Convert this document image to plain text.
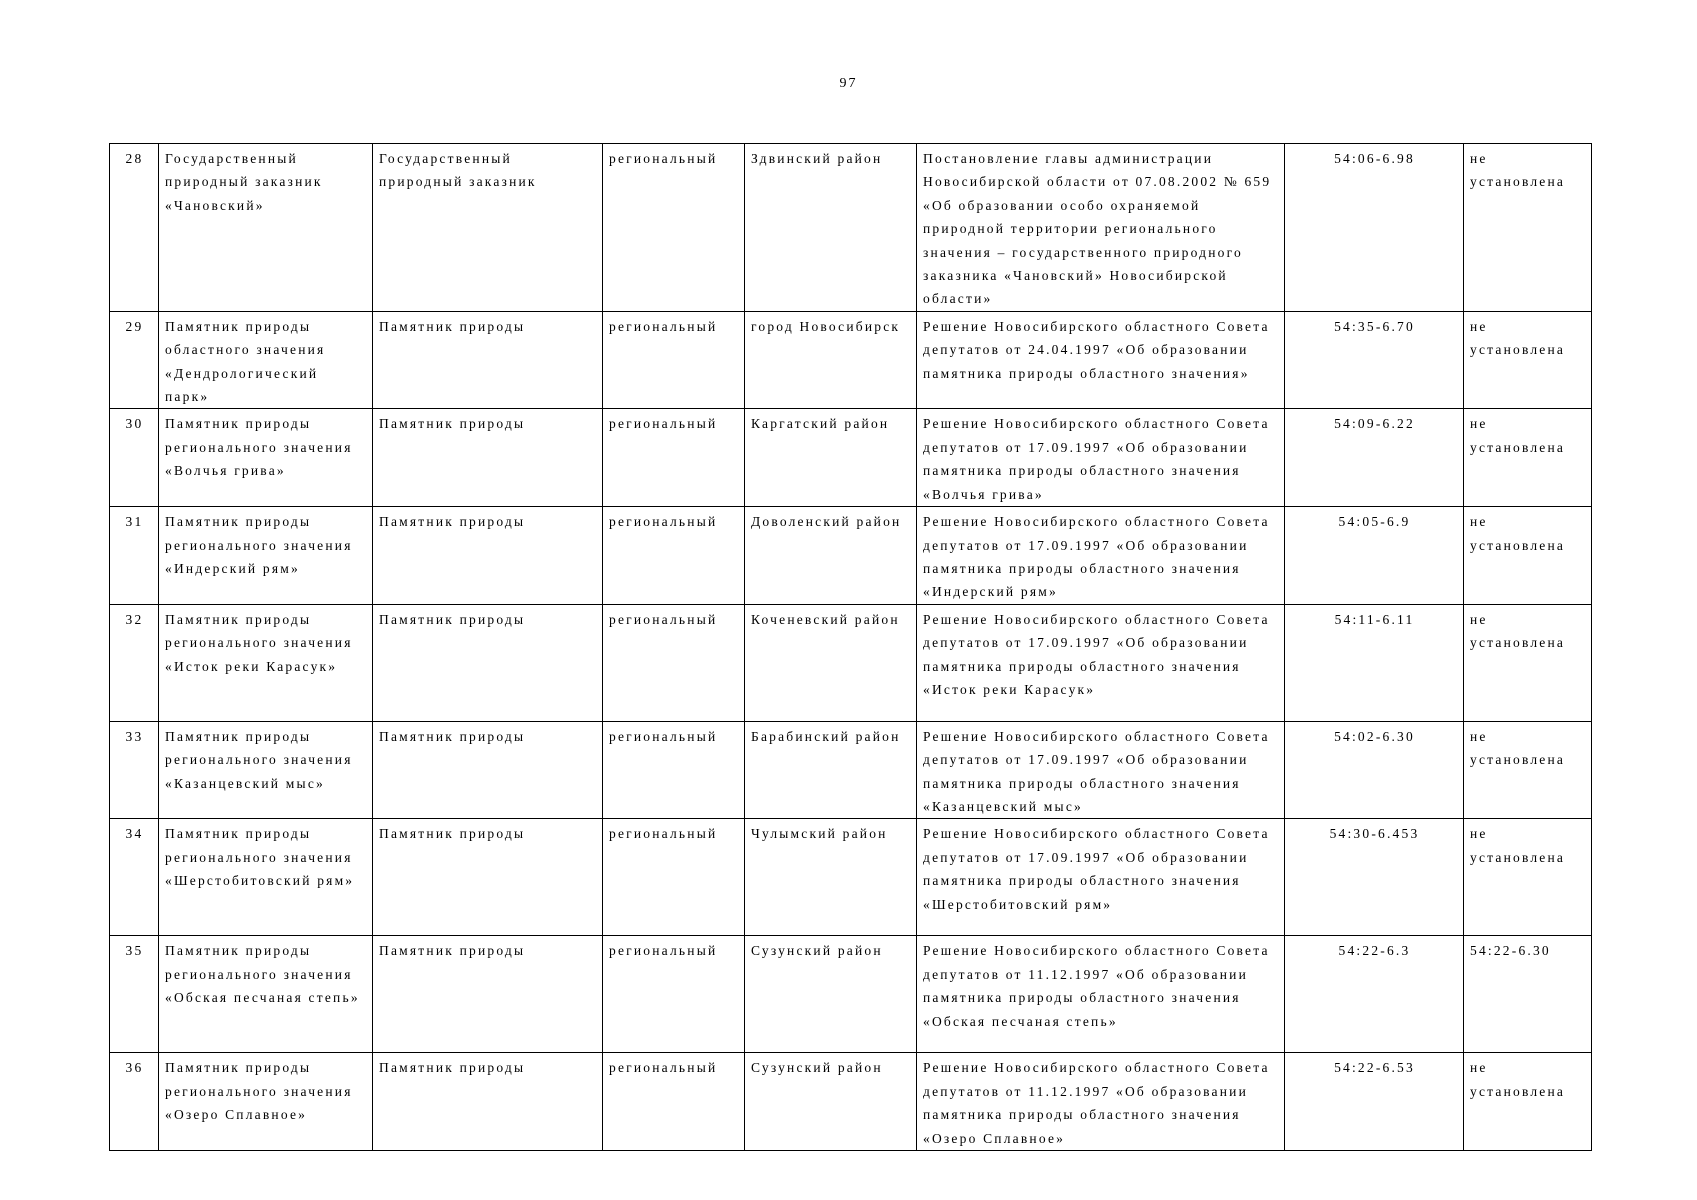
97
28	Государственный природный заказник «Чановский»	Государственный природный заказник	региональный	Здвинский район	Постановление главы администрации Новосибирской области от 07.08.2002 № 659 «Об образовании особо охраняемой природной территории регионального значения – государственного природного заказника «Чановский» Новосибирской области»	54:06-6.98	не установлена
29	Памятник природы областного значения «Дендрологический парк»	Памятник природы	региональный	город Новосибирск	Решение Новосибирского областного Совета депутатов от 24.04.1997 «Об образовании памятника природы областного значения»	54:35-6.70	не установлена
30	Памятник природы регионального значения «Волчья грива»	Памятник природы	региональный	Каргатский район	Решение Новосибирского областного Совета депутатов от 17.09.1997 «Об образовании памятника природы областного значения «Волчья грива»	54:09-6.22	не установлена
31	Памятник природы регионального значения «Индерский рям»	Памятник природы	региональный	Доволенский район	Решение Новосибирского областного Совета депутатов от 17.09.1997 «Об образовании памятника природы областного значения «Индерский рям»	54:05-6.9	не установлена
32	Памятник природы регионального значения «Исток реки Карасук»	Памятник природы	региональный	Коченевский район	Решение Новосибирского областного Совета депутатов от 17.09.1997 «Об образовании памятника природы областного значения «Исток реки Карасук»	54:11-6.11	не установлена
33	Памятник природы регионального значения «Казанцевский мыс»	Памятник природы	региональный	Барабинский район	Решение Новосибирского областного Совета депутатов от 17.09.1997 «Об образовании памятника природы областного значения «Казанцевский мыс»	54:02-6.30	не установлена
34	Памятник природы регионального значения «Шерстобитовский рям»	Памятник природы	региональный	Чулымский район	Решение Новосибирского областного Совета депутатов от 17.09.1997 «Об образовании памятника природы областного значения «Шерстобитовский рям»	54:30-6.453	не установлена
35	Памятник природы регионального значения «Обская песчаная степь»	Памятник природы	региональный	Сузунский район	Решение Новосибирского областного Совета депутатов от 11.12.1997 «Об образовании памятника природы областного значения «Обская песчаная степь»	54:22-6.3	54:22-6.30
36	Памятник природы регионального значения «Озеро Сплавное»	Памятник природы	региональный	Сузунский район	Решение Новосибирского областного Совета депутатов от 11.12.1997 «Об образовании памятника природы областного значения «Озеро Сплавное»	54:22-6.53	не установлена
